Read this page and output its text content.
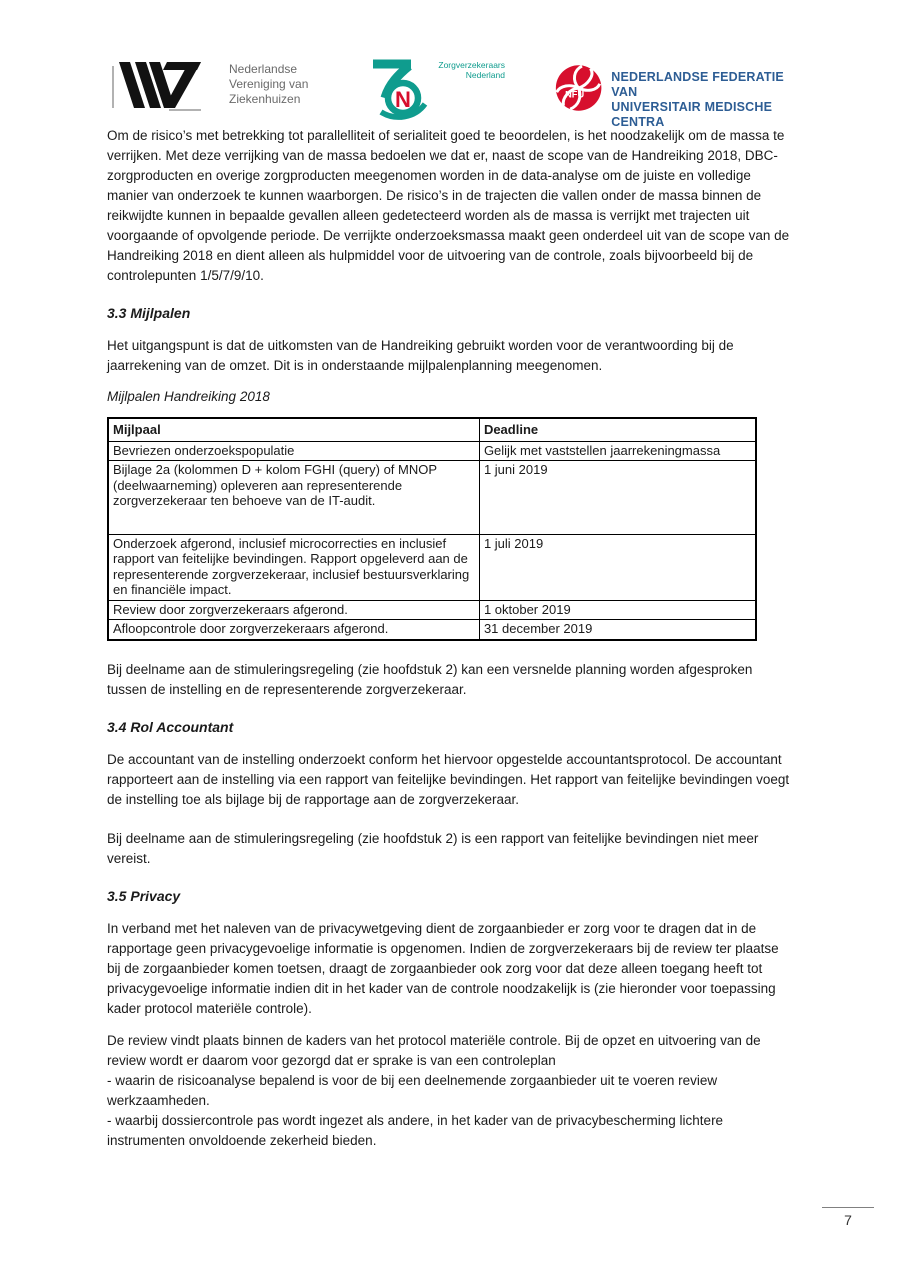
Nederlandse
Vereniging van
Ziekenhuizen	N
Zorgverzekeraars
Nederland
NFU
NEDERLANDSE FEDERATIE VAN
UNIVERSITAIR MEDISCHE CENTRA

Om de risico’s met betrekking tot parallelliteit of serialiteit goed te beoordelen, is het noodzakelijk om de massa te verrijken. Met deze verrijking van de massa bedoelen we dat er, naast de scope van de Handreiking 2018, DBC-zorgproducten en overige zorgproducten meegenomen worden in de data-analyse om de juiste en volledige manier van onderzoek te kunnen waarborgen. De risico’s in de trajecten die vallen onder de massa binnen de reikwijdte kunnen in bepaalde gevallen alleen gedetecteerd worden als de massa is verrijkt met trajecten uit voorgaande of opvolgende periode. De verrijkte onderzoeksmassa maakt geen onderdeel uit van de scope van de Handreiking 2018 en dient alleen als hulpmiddel voor de uitvoering van de controle, zoals bijvoorbeeld bij de controlepunten 1/5/7/9/10.

3.3 Mijlpalen

Het uitgangspunt is dat de uitkomsten van de Handreiking gebruikt worden voor de verantwoording bij de jaarrekening van de omzet. Dit is in onderstaande mijlpalenplanning meegenomen.

Mijlpalen Handreiking 2018
Mijlpaal	Deadline
Bevriezen onderzoekspopulatie	Gelijk met vaststellen jaarrekeningmassa
Bijlage 2a (kolommen D + kolom FGHI (query) of MNOP (deelwaarneming) opleveren aan representerende zorgverzekeraar ten behoeve van de IT-audit.	1 juni 2019
Onderzoek afgerond, inclusief microcorrecties en inclusief rapport van feitelijke bevindingen. Rapport opgeleverd aan de representerende zorgverzekeraar, inclusief bestuursverklaring en financiële impact.	1 juli 2019
Review door zorgverzekeraars afgerond.	1 oktober 2019
Afloopcontrole door zorgverzekeraars afgerond.	31 december 2019

Bij deelname aan de stimuleringsregeling (zie hoofdstuk 2) kan een versnelde planning worden afgesproken tussen de instelling en de representerende zorgverzekeraar.

3.4 Rol Accountant

De accountant van de instelling onderzoekt conform het hiervoor opgestelde accountantsprotocol. De accountant rapporteert aan de instelling via een rapport van feitelijke bevindingen. Het rapport van feitelijke bevindingen voegt de instelling toe als bijlage bij de rapportage aan de zorgverzekeraar.

Bij deelname aan de stimuleringsregeling (zie hoofdstuk 2) is een rapport van feitelijke bevindingen niet meer vereist.

3.5 Privacy

In verband met het naleven van de privacywetgeving dient de zorgaanbieder er zorg voor te dragen dat in de rapportage geen privacygevoelige informatie is opgenomen. Indien de zorgverzekeraars bij de review ter plaatse bij de zorgaanbieder komen toetsen, draagt de zorgaanbieder ook zorg voor dat deze alleen toegang heeft tot privacygevoelige informatie indien dit in het kader van de controle noodzakelijk is (zie hieronder voor toepassing kader protocol materiële controle).

De review vindt plaats binnen de kaders van het protocol materiële controle. Bij de opzet en uitvoering van de review wordt er daarom voor gezorgd dat er sprake is van een controleplan
- waarin de risicoanalyse bepalend is voor de bij een deelnemende zorgaanbieder uit te voeren review werkzaamheden.
- waarbij dossiercontrole pas wordt ingezet als andere, in het kader van de privacybescherming lichtere instrumenten onvoldoende zekerheid bieden.
7
